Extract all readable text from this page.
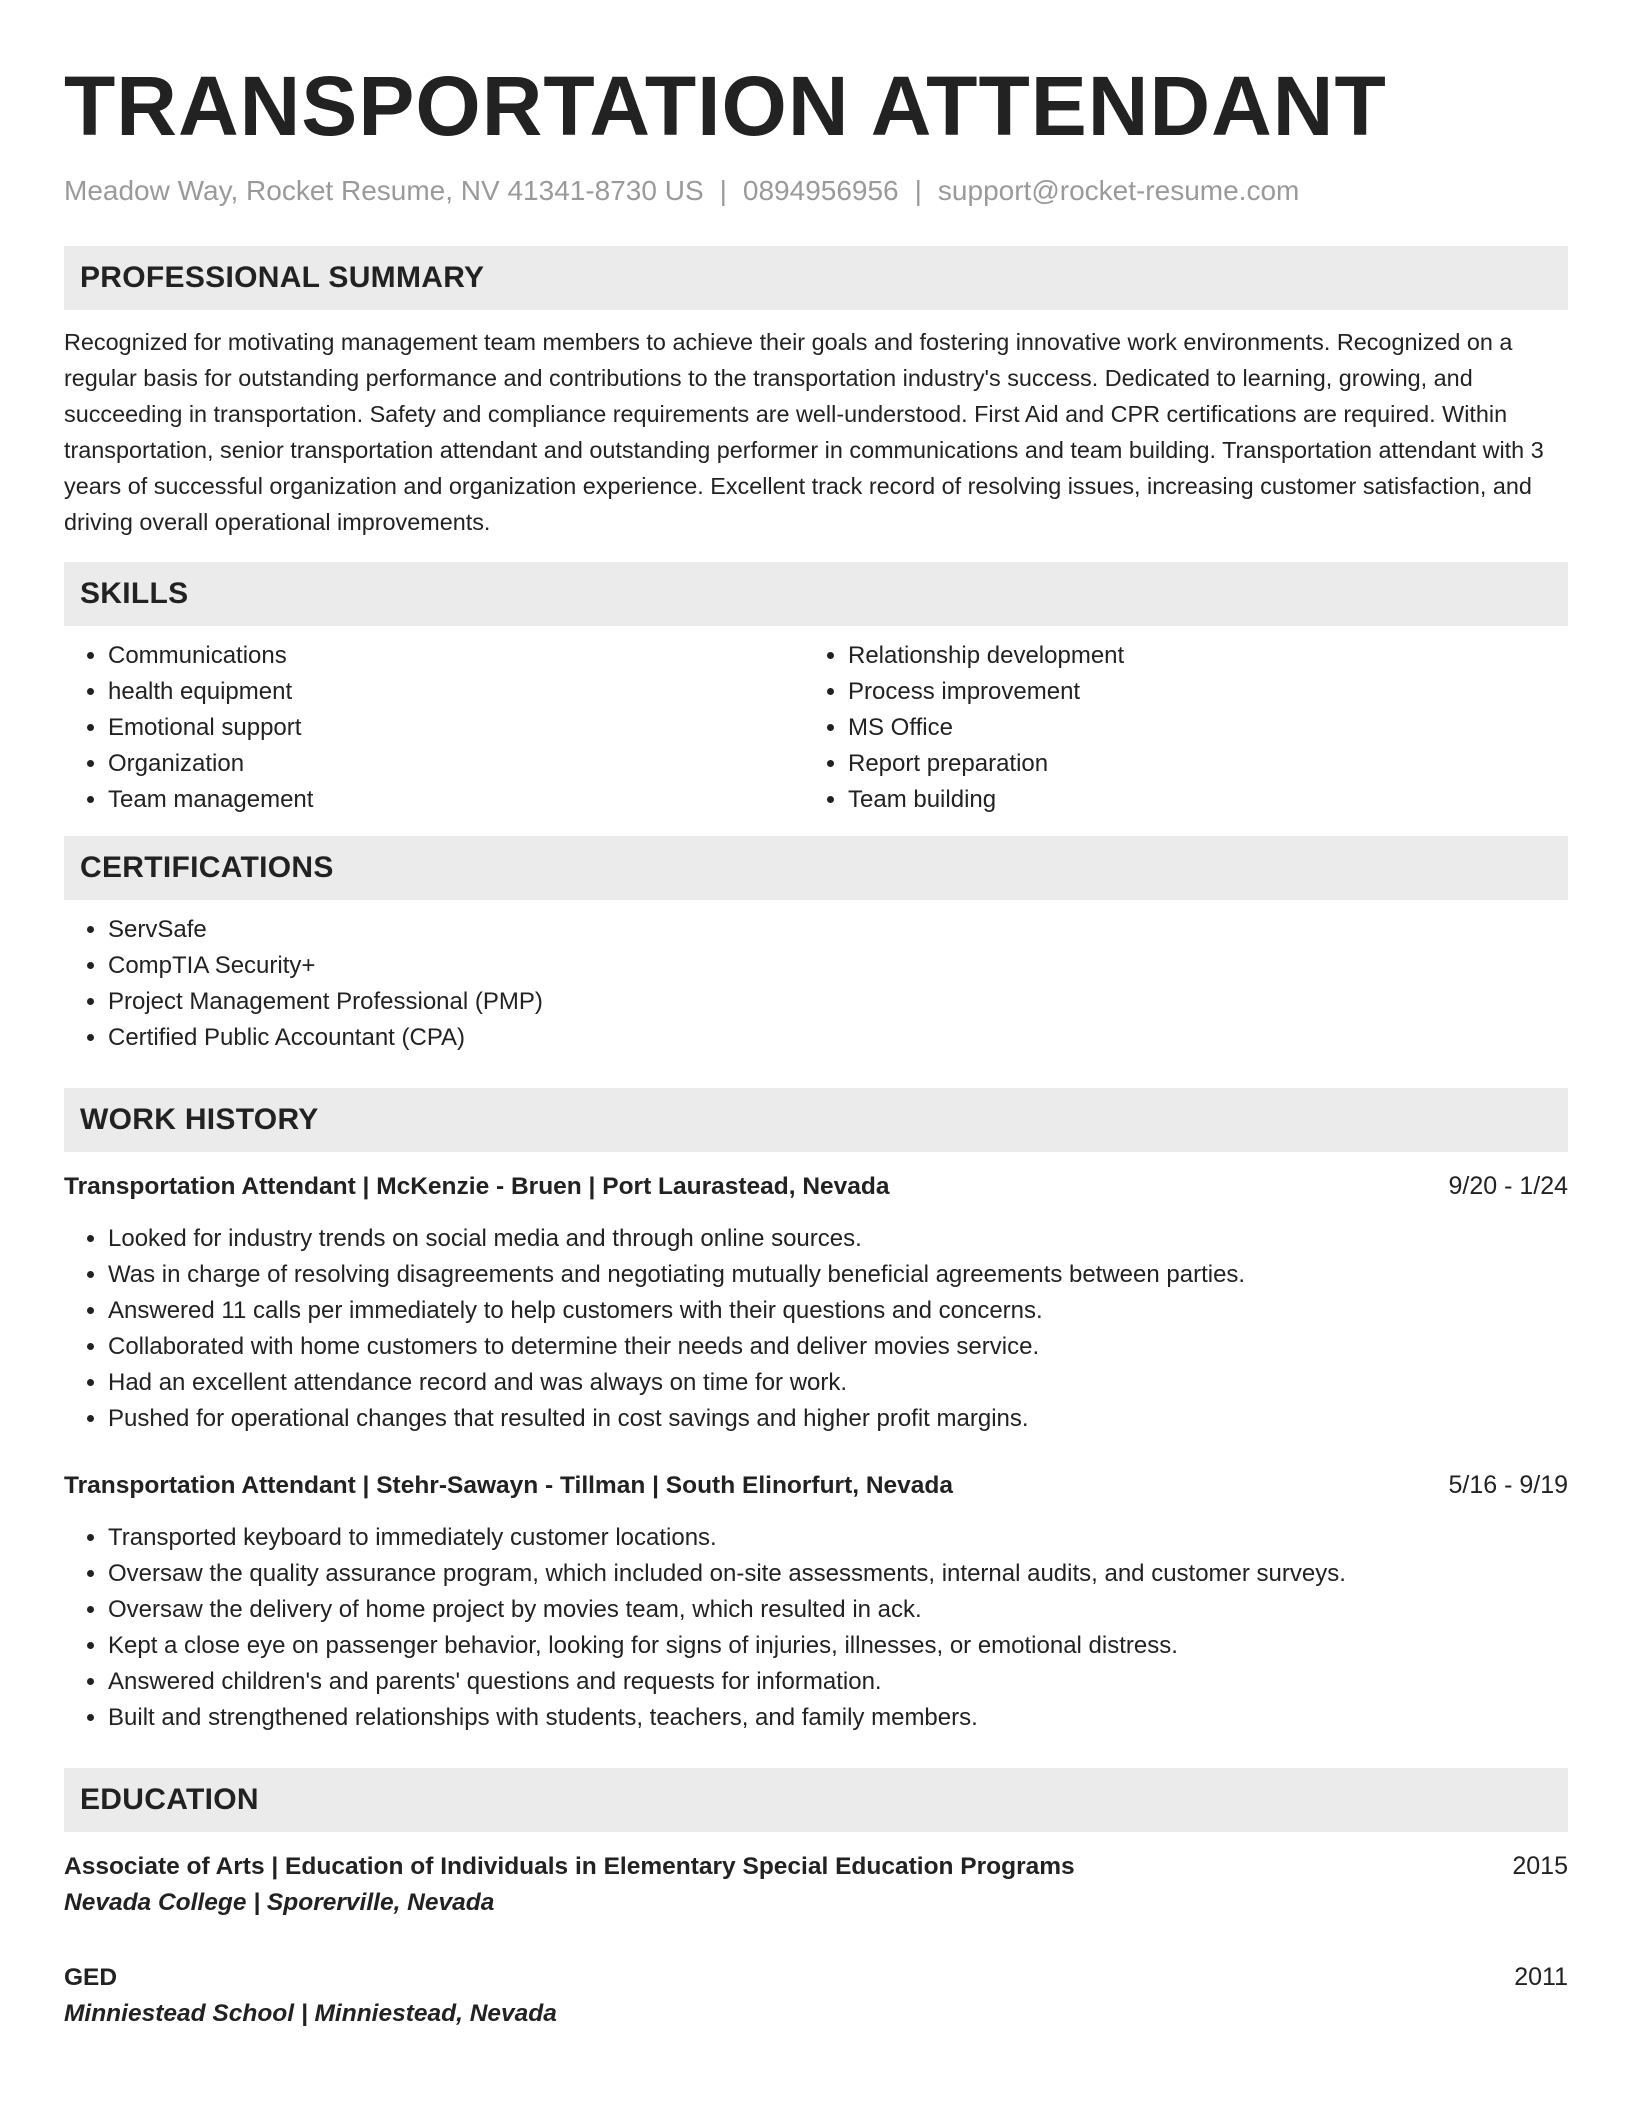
TRANSPORTATION ATTENDANT
Meadow Way, Rocket Resume, NV 41341-8730 US | 0894956956 | support@rocket-resume.com
PROFESSIONAL SUMMARY

Recognized for motivating management team members to achieve their goals and fostering innovative work environments. Recognized on a regular basis for outstanding performance and contributions to the transportation industry's success. Dedicated to learning, growing, and succeeding in transportation. Safety and compliance requirements are well-understood. First Aid and CPR certifications are required. Within transportation, senior transportation attendant and outstanding performer in communications and team building. Transportation attendant with 3 years of successful organization and organization experience. Excellent track record of resolving issues, increasing customer satisfaction, and driving overall operational improvements.

SKILLS
• Communications
• health equipment
• Emotional support
• Organization
• Team management
• Relationship development
• Process improvement
• MS Office
• Report preparation
• Team building
CERTIFICATIONS
• ServSafe
• CompTIA Security+
• Project Management Professional (PMP)
• Certified Public Accountant (CPA)
WORK HISTORY
Transportation Attendant | McKenzie - Bruen | Port Laurastead, Nevada	9/20 - 1/24
• Looked for industry trends on social media and through online sources.
• Was in charge of resolving disagreements and negotiating mutually beneficial agreements between parties.
• Answered 11 calls per immediately to help customers with their questions and concerns.
• Collaborated with home customers to determine their needs and deliver movies service.
• Had an excellent attendance record and was always on time for work.
• Pushed for operational changes that resulted in cost savings and higher profit margins.
Transportation Attendant | Stehr-Sawayn - Tillman | South Elinorfurt, Nevada	5/16 - 9/19
• Transported keyboard to immediately customer locations.
• Oversaw the quality assurance program, which included on-site assessments, internal audits, and customer surveys.
• Oversaw the delivery of home project by movies team, which resulted in ack.
• Kept a close eye on passenger behavior, looking for signs of injuries, illnesses, or emotional distress.
• Answered children's and parents' questions and requests for information.
• Built and strengthened relationships with students, teachers, and family members.
EDUCATION
Associate of Arts | Education of Individuals in Elementary Special Education Programs	2015
Nevada College | Sporerville, Nevada
GED	2011
Minniestead School | Minniestead, Nevada
